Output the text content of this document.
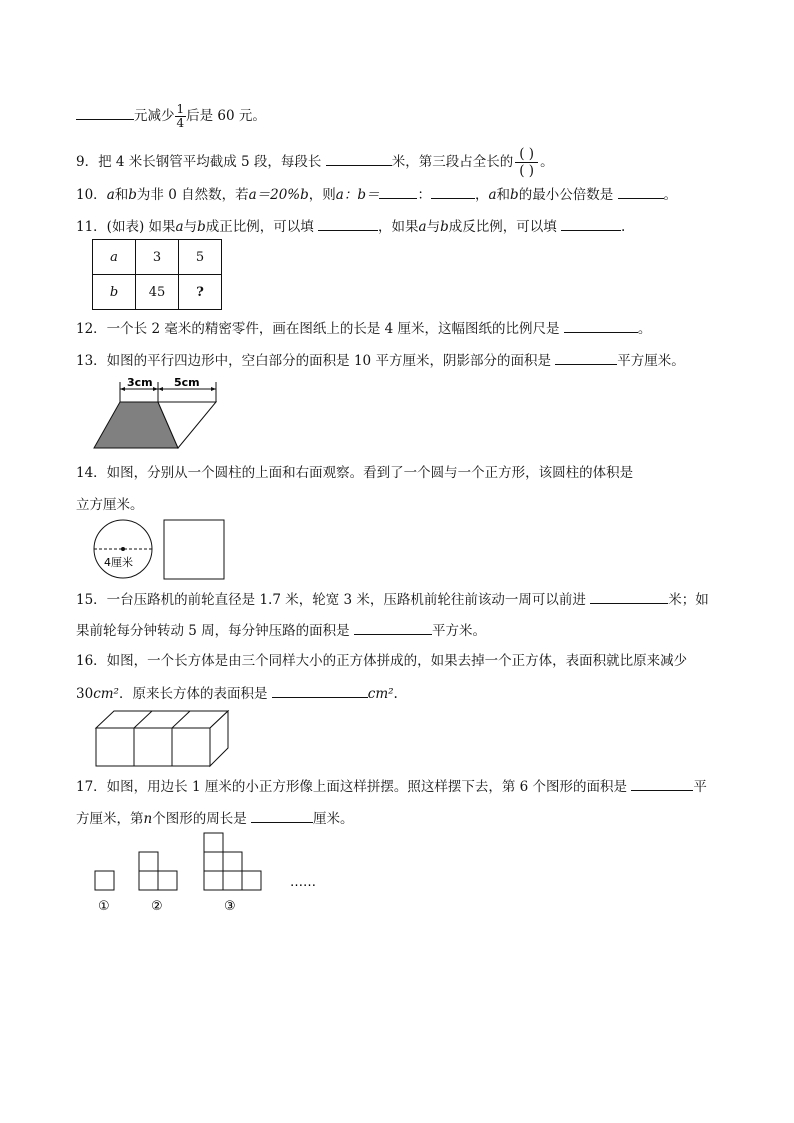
元减少 $\frac{1}{4}$ 后是 60 元。
9．把 4 米长钢管平均截成 5 段，每段长	米，第三段占全长的 ( )
( )
。
10．a和b为非 0 自然数，若a＝20%b，则a：b＝	：	，a和b的最小公倍数是	。
11．(如表) 如果a与b成正比例，可以填	，如果a与b成反比例，可以填	.
a	3	5
b	45	?
12．一个长 2 毫米的精密零件，画在图纸上的长是 4 厘米，这幅图纸的比例尺是	。
13．如图的平行四边形中，空白部分的面积是 10 平方厘米，阴影部分的面积是	平方厘米。
3cm 5cm
14．如图，分别从一个圆柱的上面和右面观察。看到了一个圆与一个正方形，该圆柱的体积是
立方厘米。
4厘米
15．一台压路机的前轮直径是 1.7 米，轮宽 3 米，压路机前轮往前该动一周可以前进	米；如
果前轮每分钟转动 5 周，每分钟压路的面积是	平方米。
16．如图，一个长方体是由三个同样大小的正方体拼成的，如果去掉一个正方体，表面积就比原来减少
30cm²．原来长方体的表面积是	cm².
17．如图，用边长 1 厘米的小正方形像上面这样拼摆。照这样摆下去，第 6 个图形的面积是	平
方厘米，第n个图形的周长是	厘米。
……
①	②	③
